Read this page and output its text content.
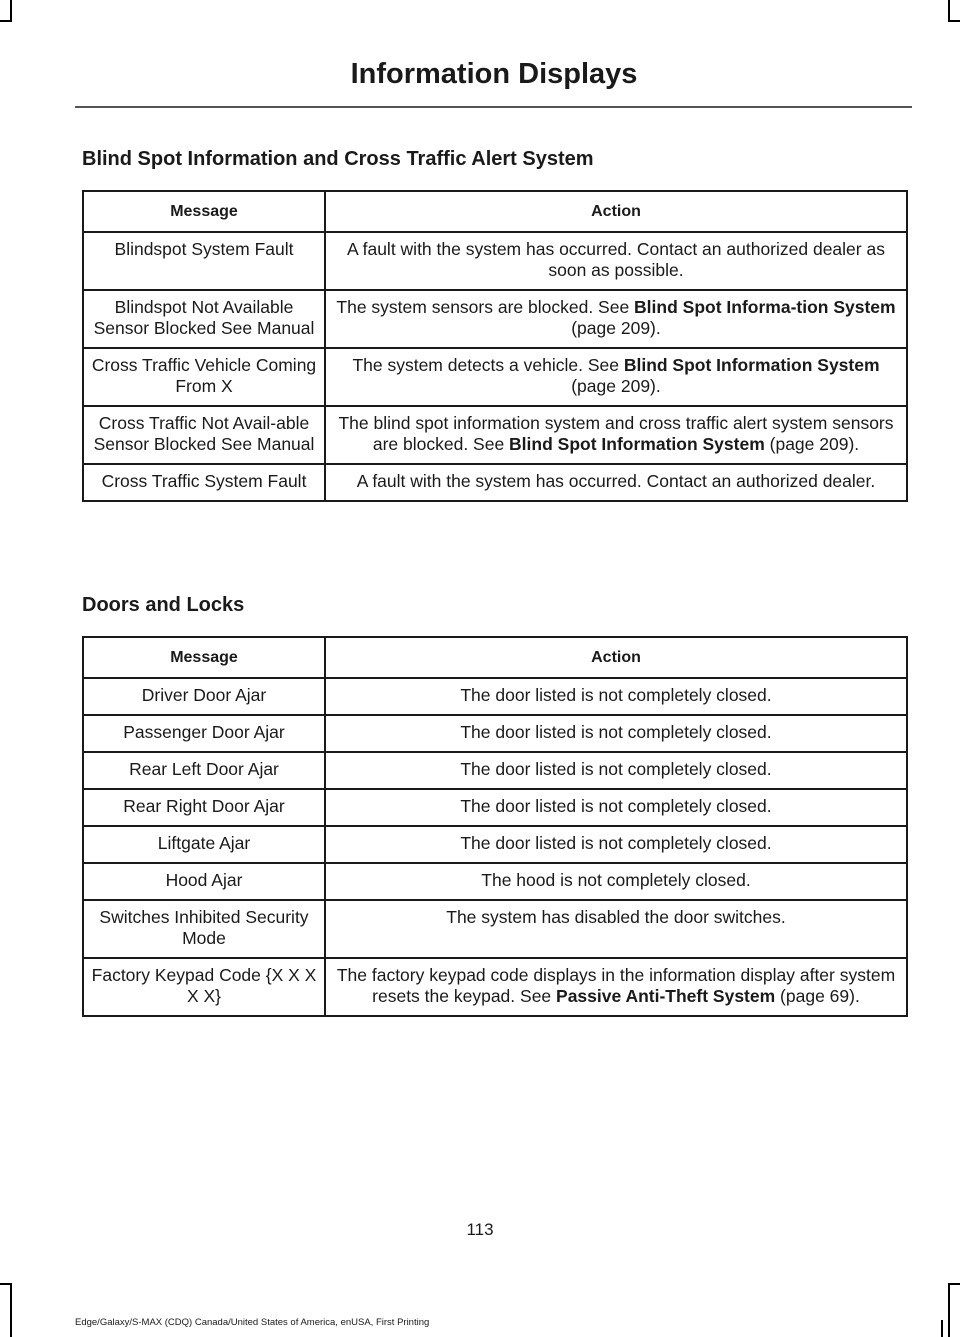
Information Displays
Blind Spot Information and Cross Traffic Alert System
Message	Action
Blindspot System Fault	A fault with the system has occurred. Contact an authorized dealer as soon as possible.
Blindspot Not Available Sensor Blocked See Manual	The system sensors are blocked. See Blind Spot Informa-tion System (page 209).
Cross Traffic Vehicle Coming From X	The system detects a vehicle. See Blind Spot Information System (page 209).
Cross Traffic Not Avail-able Sensor Blocked See Manual	The blind spot information system and cross traffic alert system sensors are blocked. See Blind Spot Information System (page 209).
Cross Traffic System Fault	A fault with the system has occurred. Contact an authorized dealer.
Doors and Locks
Message	Action
Driver Door Ajar	The door listed is not completely closed.
Passenger Door Ajar	The door listed is not completely closed.
Rear Left Door Ajar	The door listed is not completely closed.
Rear Right Door Ajar	The door listed is not completely closed.
Liftgate Ajar	The door listed is not completely closed.
Hood Ajar	The hood is not completely closed.
Switches Inhibited Security Mode	The system has disabled the door switches.
Factory Keypad Code {X X X X X}	The factory keypad code displays in the information display after system resets the keypad. See Passive Anti-Theft System (page 69).
113
Edge/Galaxy/S-MAX (CDQ) Canada/United States of America, enUSA, First Printing
